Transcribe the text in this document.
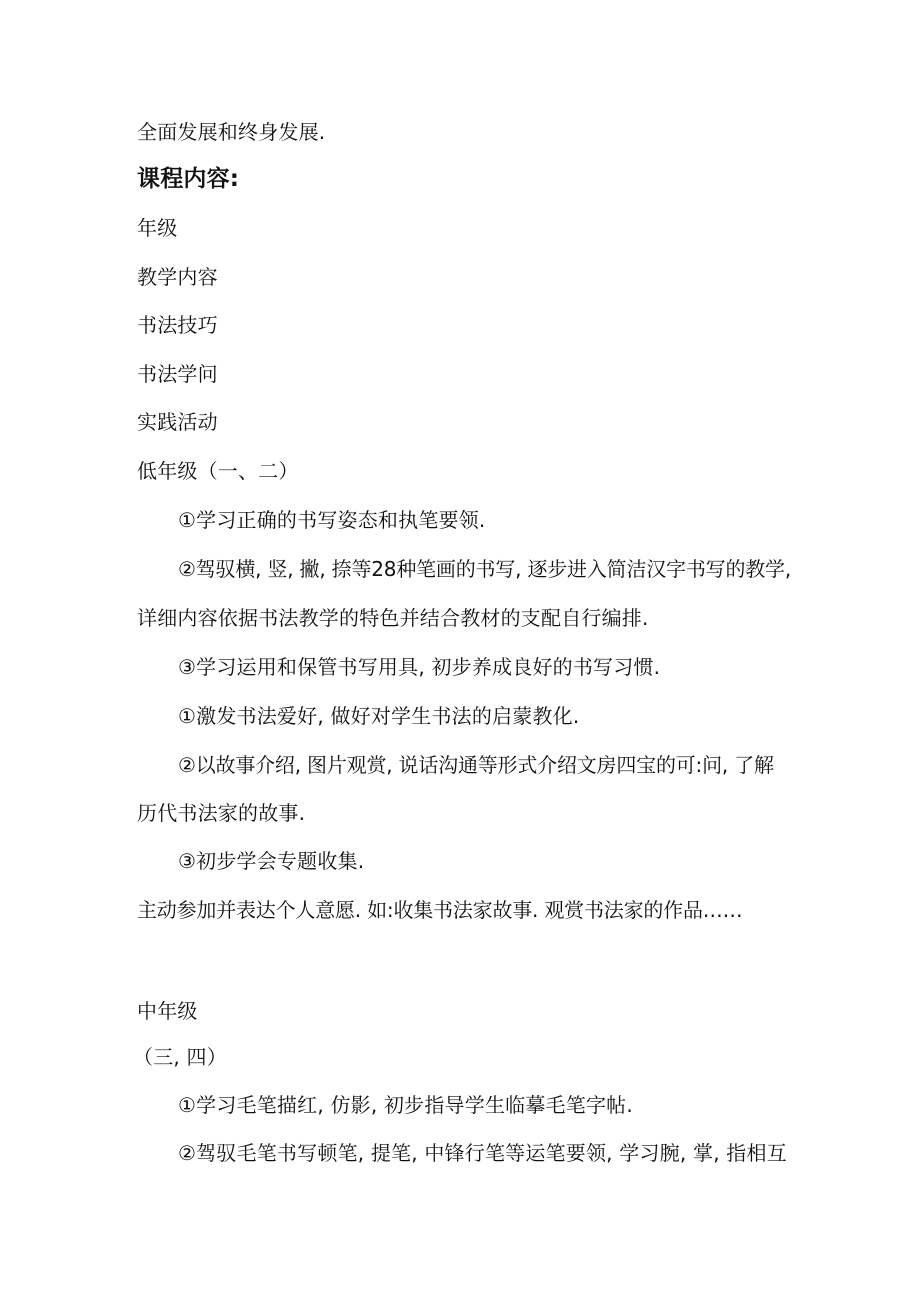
全面发展和终身发展.
课程内容:
年级
教学内容
书法技巧
书法学问
实践活动
低年级（一、二）
①学习正确的书写姿态和执笔要领.
②驾驭横, 竖, 撇, 捺等28种笔画的书写, 逐步进入简洁汉字书写的教学,
详细内容依据书法教学的特色并结合教材的支配自行编排.
③学习运用和保管书写用具, 初步养成良好的书写习惯.
①激发书法爱好, 做好对学生书法的启蒙教化.
②以故事介绍, 图片观赏, 说话沟通等形式介绍文房四宝的可:问, 了解
历代书法家的故事.
③初步学会专题收集.
主动参加并表达个人意愿. 如:收集书法家故事. 观赏书法家的作品……
中年级
（三, 四）
①学习毛笔描红, 仿影, 初步指导学生临摹毛笔字帖.
②驾驭毛笔书写顿笔, 提笔, 中锋行笔等运笔要领, 学习腕, 掌, 指相互
